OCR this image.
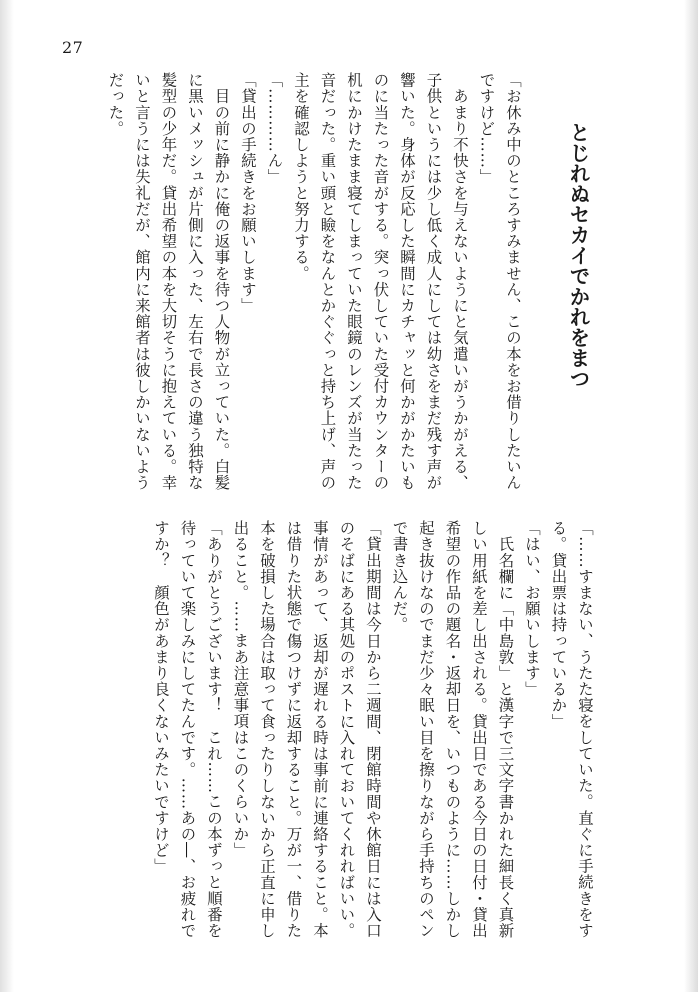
27
とじれぬセカイでかれをまつ

「お休み中のところすみません、この本をお借りしたいんですけど……」

　あまり不快さを与えないようにと気遣いがうかがえる、子供というには少し低く成人にしては幼さをまだ残す声が響いた。身体が反応した瞬間にカチャッと何かがかたいものに当たった音がする。突っ伏していた受付カウンターの机にかけたまま寝てしまっていた眼鏡のレンズが当たった音だった。重い頭と瞼をなんとかぐぐっと持ち上げ、声の主を確認しようと努力する。

「…………ん」

「貸出の手続きをお願いします」

　目の前に静かに俺の返事を待つ人物が立っていた。白髪に黒いメッシュが片側に入った、左右で長さの違う独特な髪型の少年だ。貸出希望の本を大切そうに抱えている。幸いと言うには失礼だが、館内に来館者は彼しかいないようだった。

「……すまない、うたた寝をしていた。直ぐに手続きをする。貸出票は持っているか」

「はい、お願いします」

　氏名欄に「中島敦」と漢字で三文字書かれた細長く真新しい用紙を差し出される。貸出日である今日の日付・貸出希望の作品の題名・返却日を、いつものように……しかし起き抜けなのでまだ少々眠い目を擦りながら手持ちのペンで書き込んだ。

「貸出期間は今日から二週間、閉館時間や休館日には入口のそばにある其処のポストに入れておいてくれればいい。事情があって、返却が遅れる時は事前に連絡すること。本は借りた状態で傷つけずに返却すること。万が一、借りた本を破損した場合は取って食ったりしないから正直に申し出ること。……まあ注意事項はこのくらいか」

「ありがとうございます！　これ……この本ずっと順番を待っていて楽しみにしてたんです。……あの―、お疲れですか？　顔色があまり良くないみたいですけど」
